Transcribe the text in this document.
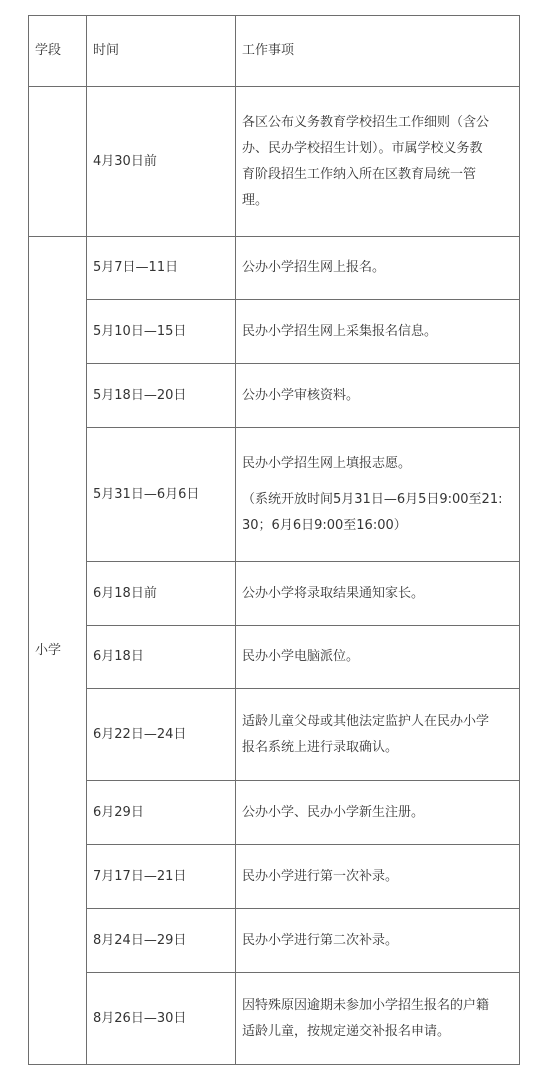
学段	时间	工作事项
	4月30日前	各区公布义务教育学校招生工作细则（含公
办、民办学校招生计划）。市属学校义务教
育阶段招生工作纳入所在区教育局统一管
理。

小学	5月7日—11日	公办小学招生网上报名。
	5月10日—15日	民办小学招生网上采集报名信息。
	5月18日—20日	公办小学审核资料。
	5月31日—6月6日	民办小学招生网上填报志愿。
（系统开放时间5月31日—6月5日9:00至21:
30；6月6日9:00至16:00）

	6月18日前	公办小学将录取结果通知家长。
	6月18日	民办小学电脑派位。
	6月22日—24日	适龄儿童父母或其他法定监护人在民办小学
报名系统上进行录取确认。

	6月29日	公办小学、民办小学新生注册。
	7月17日—21日	民办小学进行第一次补录。
	8月24日—29日	民办小学进行第二次补录。
	8月26日—30日	因特殊原因逾期未参加小学招生报名的户籍
适龄儿童，按规定递交补报名申请。
